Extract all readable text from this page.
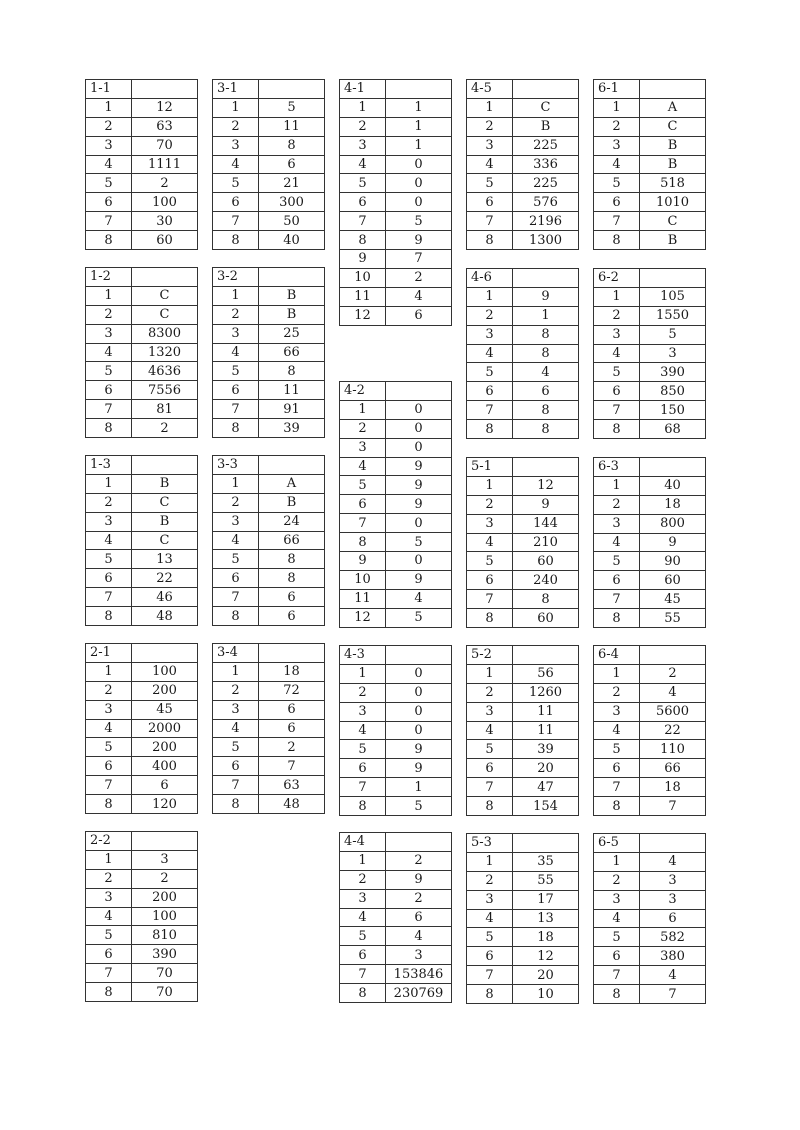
1-1	
1	12
2	63
3	70
4	1111
5	2
6	100
7	30
8	60
1-2	
1	C
2	C
3	8300
4	1320
5	4636
6	7556
7	81
8	2
1-3	
1	B
2	C
3	B
4	C
5	13
6	22
7	46
8	48
2-1	
1	100
2	200
3	45
4	2000
5	200
6	400
7	6
8	120
2-2	
1	3
2	2
3	200
4	100
5	810
6	390
7	70
8	70
3-1	
1	5
2	11
3	8
4	6
5	21
6	300
7	50
8	40
3-2	
1	B
2	B
3	25
4	66
5	8
6	11
7	91
8	39
3-3	
1	A
2	B
3	24
4	66
5	8
6	8
7	6
8	6
3-4	
1	18
2	72
3	6
4	6
5	2
6	7
7	63
8	48
4-1	
1	1
2	1
3	1
4	0
5	0
6	0
7	5
8	9
9	7
10	2
11	4
12	6
4-2	
1	0
2	0
3	0
4	9
5	9
6	9
7	0
8	5
9	0
10	9
11	4
12	5
4-3	
1	0
2	0
3	0
4	0
5	9
6	9
7	1
8	5
4-4	
1	2
2	9
3	2
4	6
5	4
6	3
7	153846
8	230769
4-5	
1	C
2	B
3	225
4	336
5	225
6	576
7	2196
8	1300
4-6	
1	9
2	1
3	8
4	8
5	4
6	6
7	8
8	8
5-1	
1	12
2	9
3	144
4	210
5	60
6	240
7	8
8	60
5-2	
1	56
2	1260
3	11
4	11
5	39
6	20
7	47
8	154
5-3	
1	35
2	55
3	17
4	13
5	18
6	12
7	20
8	10
6-1	
1	A
2	C
3	B
4	B
5	518
6	1010
7	C
8	B
6-2	
1	105
2	1550
3	5
4	3
5	390
6	850
7	150
8	68
6-3	
1	40
2	18
3	800
4	9
5	90
6	60
7	45
8	55
6-4	
1	2
2	4
3	5600
4	22
5	110
6	66
7	18
8	7
6-5	
1	4
2	3
3	3
4	6
5	582
6	380
7	4
8	7
